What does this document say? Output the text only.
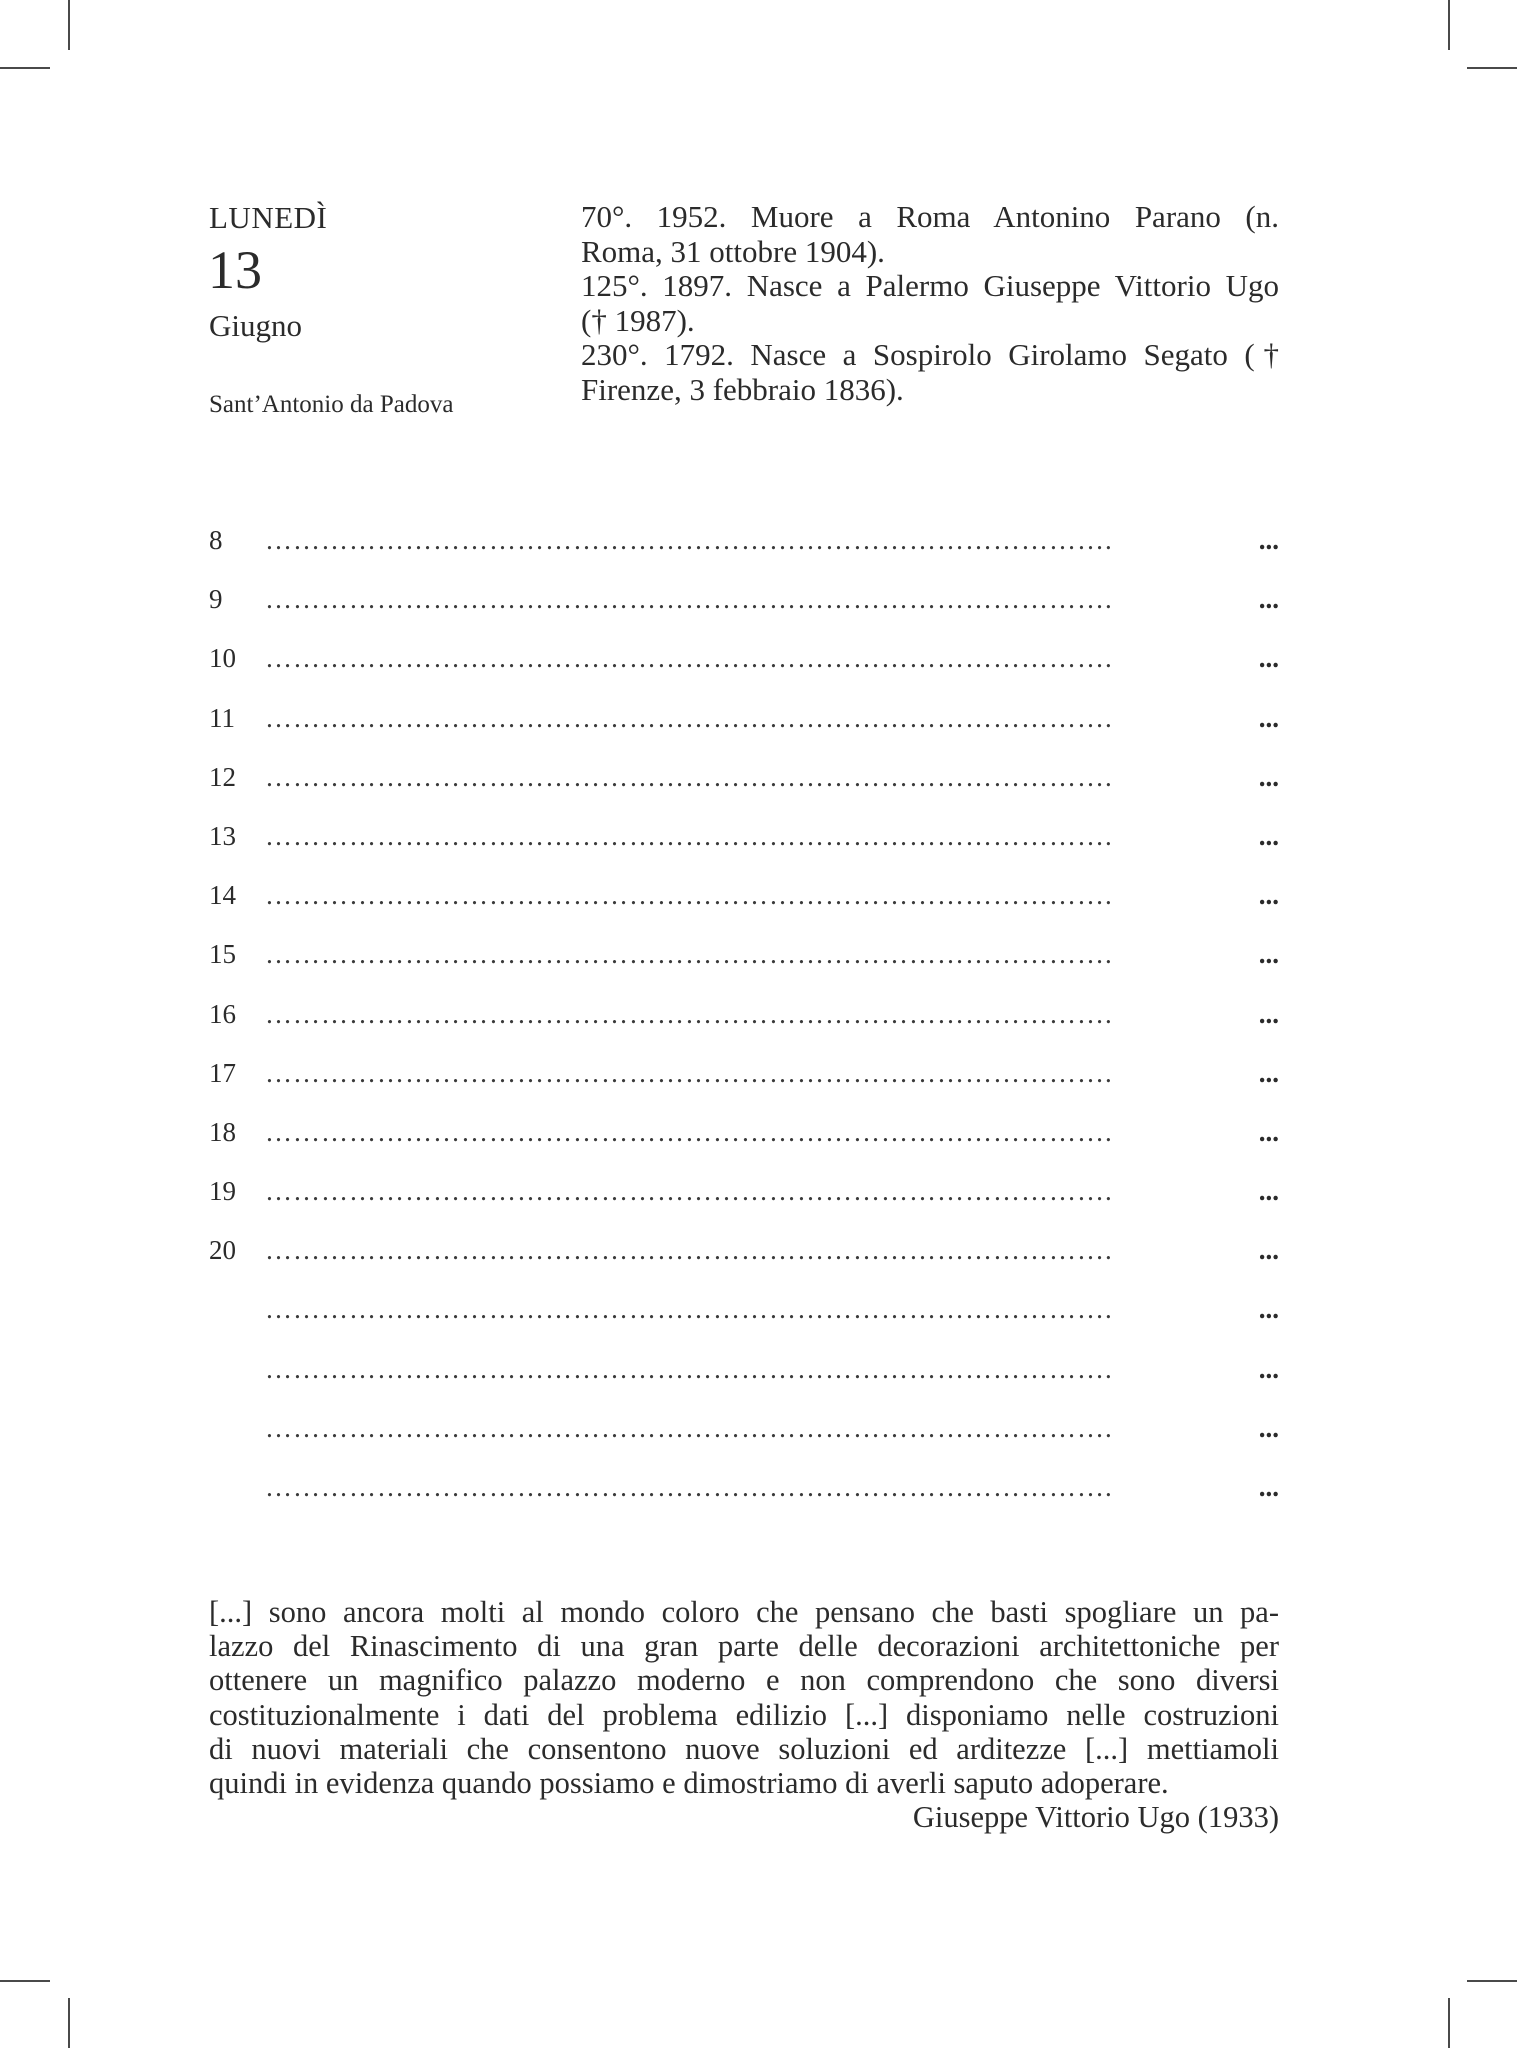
LUNEDÌ
13
Giugno
Sant’Antonio da Padova
70°. 1952. Muore a Roma Antonino Parano (n.
Roma, 31 ottobre 1904).
125°. 1897. Nasce a Palermo Giuseppe Vittorio Ugo
(† 1987).
230°. 1792. Nasce a Sospirolo Girolamo Segato (†
Firenze, 3 febbraio 1836).
8	……………………………………………………………………………….	...
9	……………………………………………………………………………….	...
10	……………………………………………………………………………….	...
11	……………………………………………………………………………….	...
12	……………………………………………………………………………….	...
13	……………………………………………………………………………….	...
14	……………………………………………………………………………….	...
15	……………………………………………………………………………….	...
16	……………………………………………………………………………….	...
17	……………………………………………………………………………….	...
18	……………………………………………………………………………….	...
19	……………………………………………………………………………….	...
20	……………………………………………………………………………….	...
……………………………………………………………………………….	...
……………………………………………………………………………….	...
……………………………………………………………………………….	...
……………………………………………………………………………….	...
[...] sono ancora molti al mondo coloro che pensano che basti spogliare un pa-
lazzo del Rinascimento di una gran parte delle decorazioni architettoniche per
ottenere un magnifico palazzo moderno e non comprendono che sono diversi
costituzionalmente i dati del problema edilizio [...] disponiamo nelle costruzioni
di nuovi materiali che consentono nuove soluzioni ed arditezze [...] mettiamoli
quindi in evidenza quando possiamo e dimostriamo di averli saputo adoperare.
Giuseppe Vittorio Ugo (1933)
